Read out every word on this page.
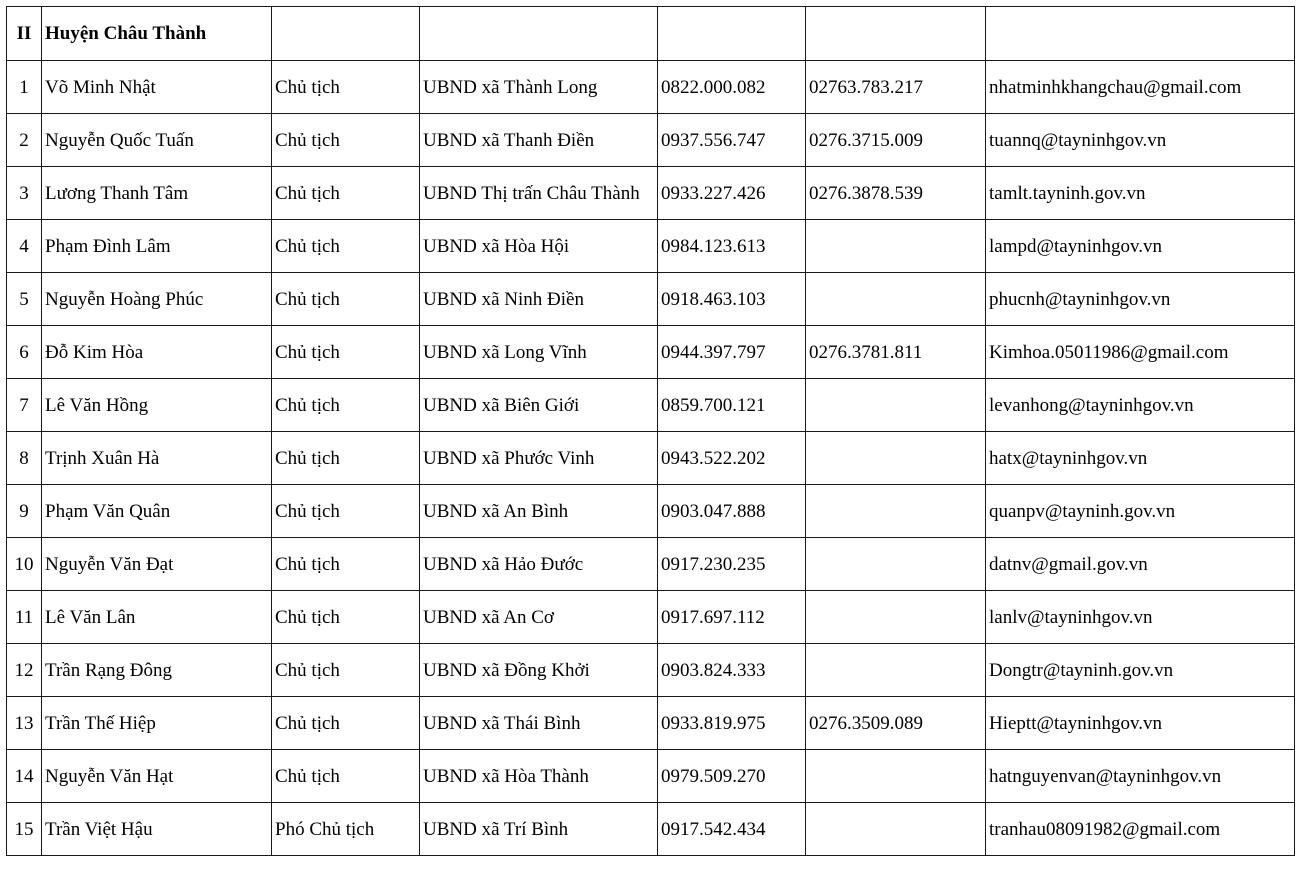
II	Huyện Châu Thành					
1	Võ Minh Nhật	Chủ tịch	UBND xã Thành Long	0822.000.082	02763.783.217	nhatminhkhangchau@gmail.com
2	Nguyễn Quốc Tuấn	Chủ tịch	UBND xã Thanh Điền	0937.556.747	0276.3715.009	tuannq@tayninhgov.vn
3	Lương Thanh Tâm	Chủ tịch	UBND Thị trấn Châu Thành	0933.227.426	0276.3878.539	tamlt.tayninh.gov.vn
4	Phạm Đình Lâm	Chủ tịch	UBND xã Hòa Hội	0984.123.613		lampd@tayninhgov.vn
5	Nguyễn Hoàng Phúc	Chủ tịch	UBND xã Ninh Điền	0918.463.103		phucnh@tayninhgov.vn
6	Đỗ Kim Hòa	Chủ tịch	UBND xã Long Vĩnh	0944.397.797	0276.3781.811	Kimhoa.05011986@gmail.com
7	Lê Văn Hồng	Chủ tịch	UBND xã Biên Giới	0859.700.121		levanhong@tayninhgov.vn
8	Trịnh Xuân Hà	Chủ tịch	UBND xã Phước Vinh	0943.522.202		hatx@tayninhgov.vn
9	Phạm Văn Quân	Chủ tịch	UBND xã An Bình	0903.047.888		quanpv@tayninh.gov.vn
10	Nguyễn Văn Đạt	Chủ tịch	UBND xã Hảo Đước	0917.230.235		datnv@gmail.gov.vn
11	Lê Văn Lân	Chủ tịch	UBND xã An Cơ	0917.697.112		lanlv@tayninhgov.vn
12	Trần Rạng Đông	Chủ tịch	UBND xã Đồng Khởi	0903.824.333		Dongtr@tayninh.gov.vn
13	Trần Thế Hiệp	Chủ tịch	UBND xã Thái Bình	0933.819.975	0276.3509.089	Hieptt@tayninhgov.vn
14	Nguyễn Văn Hạt	Chủ tịch	UBND xã Hòa Thành	0979.509.270		hatnguyenvan@tayninhgov.vn
15	Trần Việt Hậu	Phó Chủ tịch	UBND xã Trí Bình	0917.542.434		tranhau08091982@gmail.com
